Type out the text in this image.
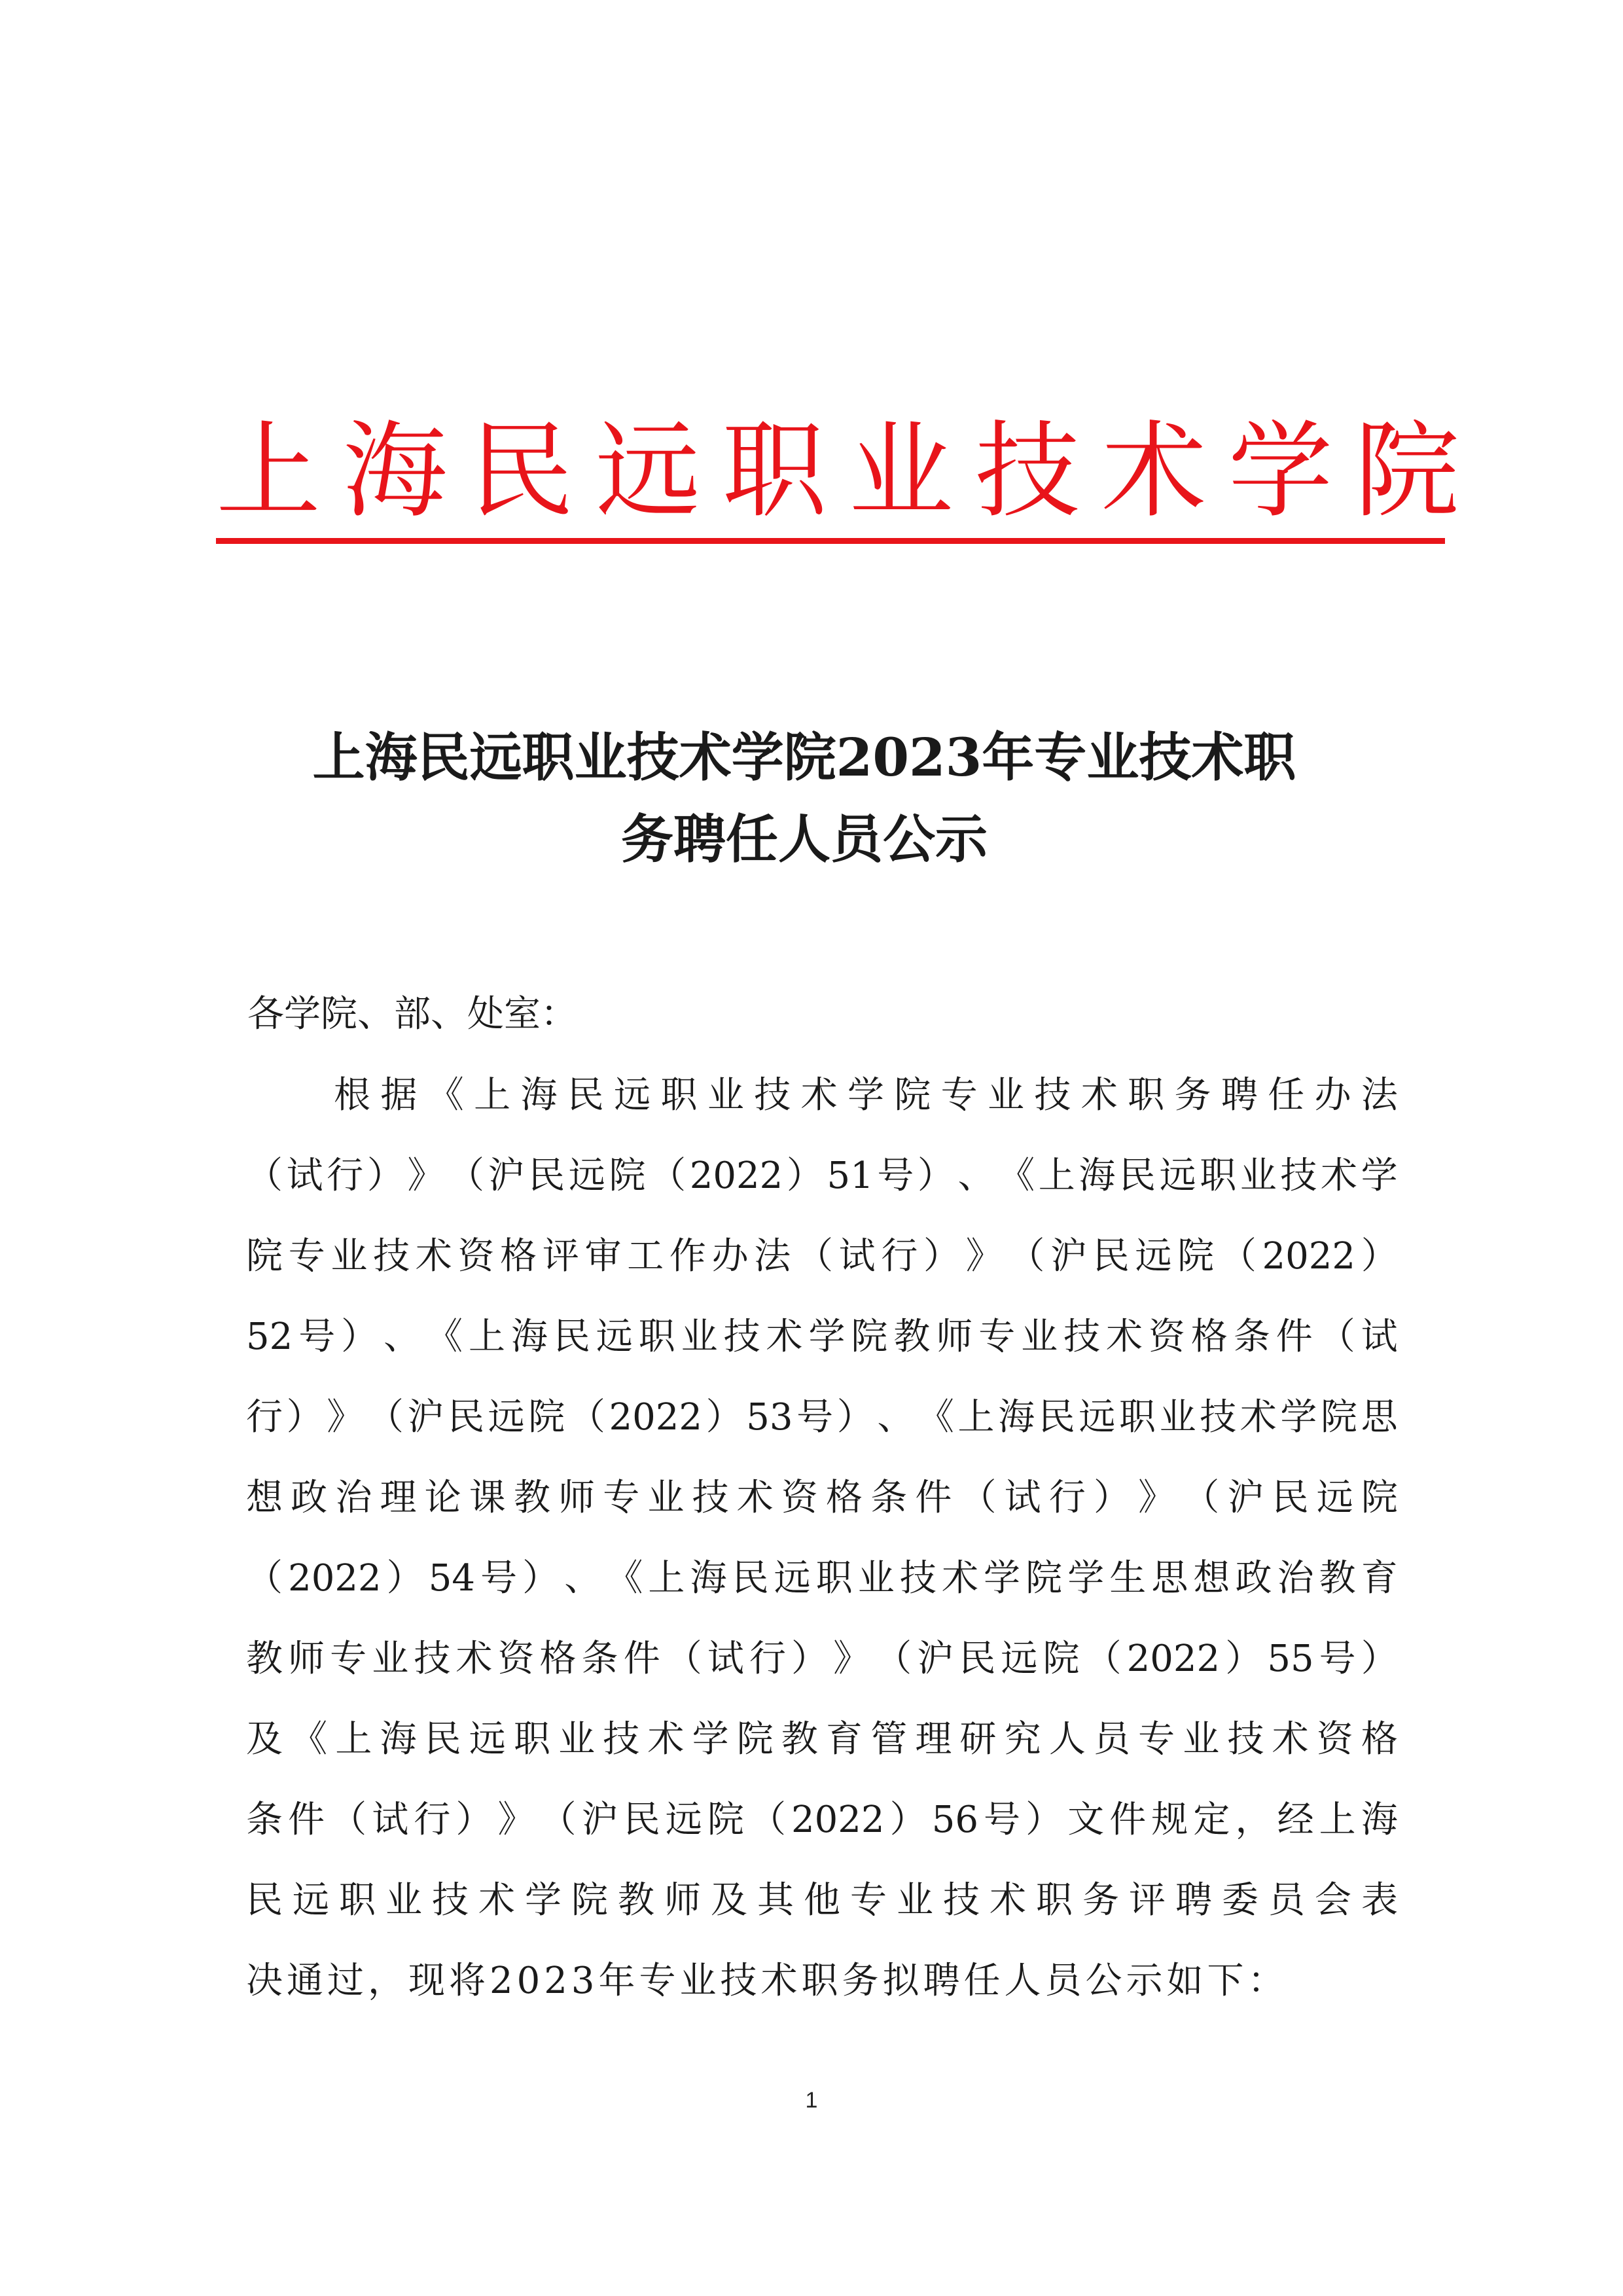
上 海 民 远 职 业 技 术 学 院
上海民远职业技术学院2023年专业技术职
务聘任人员公示
各学院、部、处室：
根 据 《 上 海 民 远 职 业 技 术 学 院 专 业 技 术 职 务 聘 任 办 法
（ 试 行 ） 》 （ 沪 民 远 院 （ 2022 ） 51 号 ） 、 《 上 海 民 远 职 业 技 术 学
院 专 业 技 术 资 格 评 审 工 作 办 法 （ 试 行 ） 》 （ 沪 民 远 院 （ 2022 ）
52 号 ） 、 《 上 海 民 远 职 业 技 术 学 院 教 师 专 业 技 术 资 格 条 件 （ 试
行 ） 》 （ 沪 民 远 院 （ 2022 ） 53 号 ） 、 《 上 海 民 远 职 业 技 术 学 院 思
想 政 治 理 论 课 教 师 专 业 技 术 资 格 条 件 （ 试 行 ） 》 （ 沪 民 远 院
（ 2022 ） 54 号 ） 、 《 上 海 民 远 职 业 技 术 学 院 学 生 思 想 政 治 教 育
教 师 专 业 技 术 资 格 条 件 （ 试 行 ） 》 （ 沪 民 远 院 （ 2022 ） 55 号 ）
及 《 上 海 民 远 职 业 技 术 学 院 教 育 管 理 研 究 人 员 专 业 技 术 资 格
条 件 （ 试 行 ） 》 （ 沪 民 远 院 （ 2022 ） 56 号 ） 文 件 规 定 ， 经 上 海
民 远 职 业 技 术 学 院 教 师 及 其 他 专 业 技 术 职 务 评 聘 委 员 会 表
决通过，现将2023年专业技术职务拟聘任人员公示如下：
1
